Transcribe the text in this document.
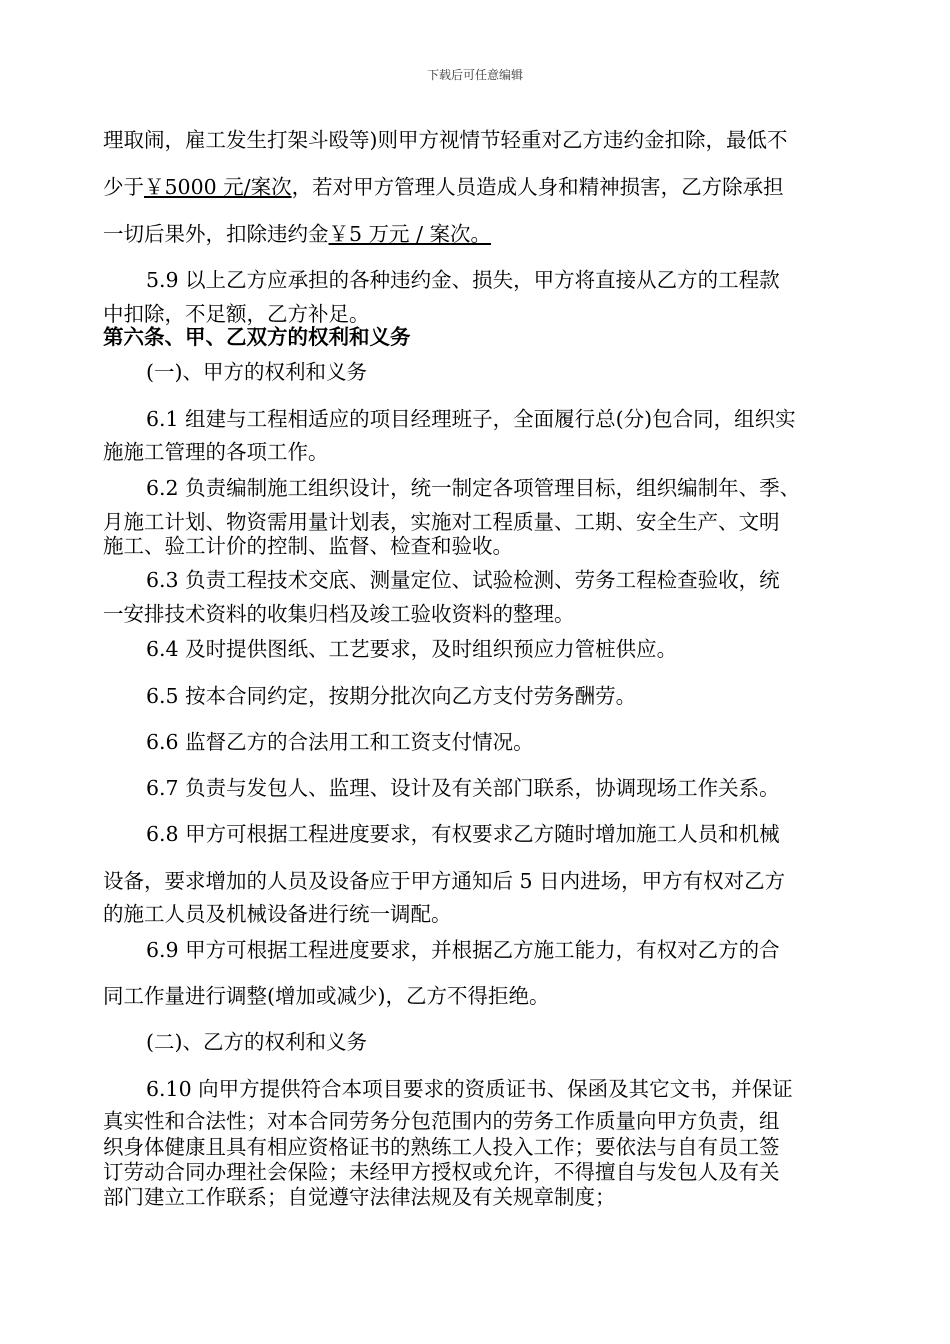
下载后可任意编辑
理取闹，雇工发生打架斗殴等)则甲方视情节轻重对乙方违约金扣除，最低不
少于￥5000 元/案次，若对甲方管理人员造成人身和精神损害，乙方除承担
一切后果外，扣除违约金￥5 万元 / 案次。
5.9 以上乙方应承担的各种违约金、损失，甲方将直接从乙方的工程款
中扣除，不足额，乙方补足。
第六条、甲、乙双方的权利和义务
(一)、甲方的权利和义务
6.1 组建与工程相适应的项目经理班子，全面履行总(分)包合同，组织实
施施工管理的各项工作。
6.2 负责编制施工组织设计，统一制定各项管理目标，组织编制年、季、
月施工计划、物资需用量计划表，实施对工程质量、工期、安全生产、文明
施工、验工计价的控制、监督、检查和验收。
6.3 负责工程技术交底、测量定位、试验检测、劳务工程检查验收，统
一安排技术资料的收集归档及竣工验收资料的整理。
6.4 及时提供图纸、工艺要求，及时组织预应力管桩供应。
6.5 按本合同约定，按期分批次向乙方支付劳务酬劳。
6.6 监督乙方的合法用工和工资支付情况。
6.7 负责与发包人、监理、设计及有关部门联系，协调现场工作关系。
6.8 甲方可根据工程进度要求，有权要求乙方随时增加施工人员和机械
设备，要求增加的人员及设备应于甲方通知后 5 日内进场，甲方有权对乙方
的施工人员及机械设备进行统一调配。
6.9 甲方可根据工程进度要求，并根据乙方施工能力，有权对乙方的合
同工作量进行调整(增加或减少)，乙方不得拒绝。
(二)、乙方的权利和义务
6.10 向甲方提供符合本项目要求的资质证书、保函及其它文书，并保证
真实性和合法性；对本合同劳务分包范围内的劳务工作质量向甲方负责，组
织身体健康且具有相应资格证书的熟练工人投入工作；要依法与自有员工签
订劳动合同办理社会保险；未经甲方授权或允许，不得擅自与发包人及有关
部门建立工作联系；自觉遵守法律法规及有关规章制度；
